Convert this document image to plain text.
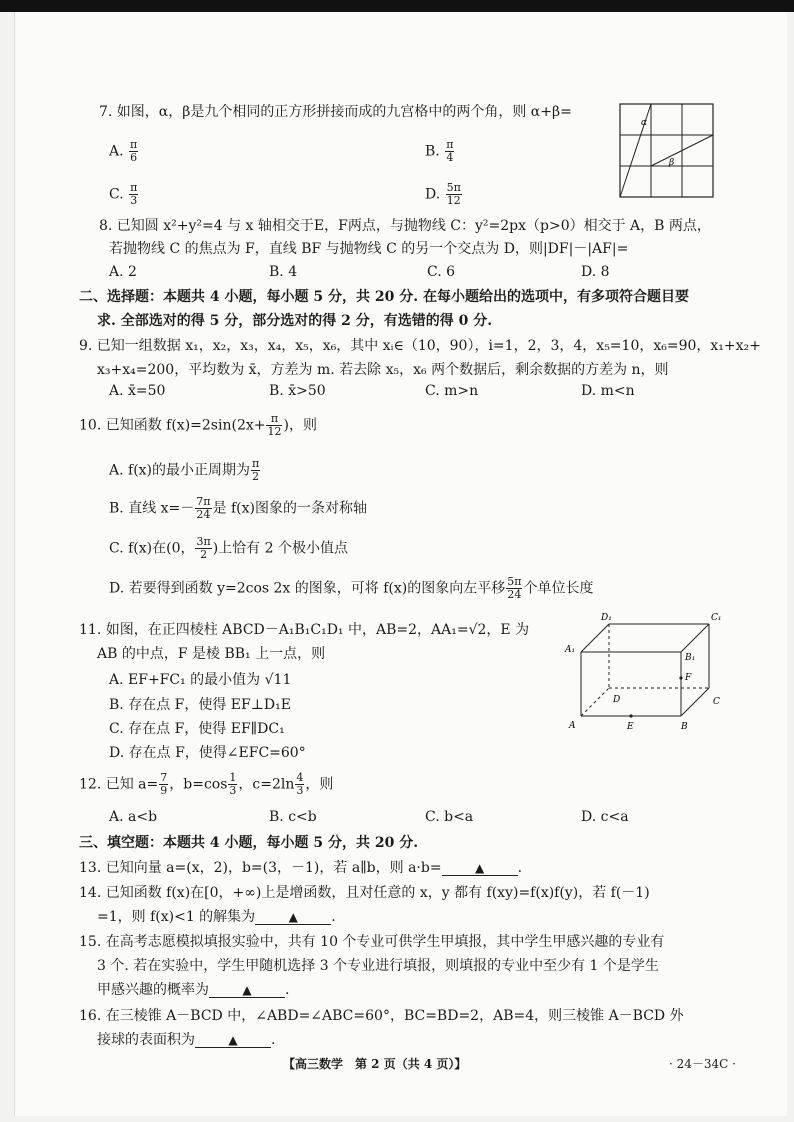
7. 如图，α，β是九个相同的正方形拼接而成的九宫格中的两个角，则 α+β=
A. $\frac{\pi}{6}$	B. $\frac{\pi}{4}$
C. $\frac{\pi}{3}$	D. $\frac{5\pi}{12}$
α
β
8. 已知圆 x²+y²=4 与 x 轴相交于E，F两点，与抛物线 C：y²=2px（p>0）相交于 A，B 两点，
若抛物线 C 的焦点为 F，直线 BF 与抛物线 C 的另一个交点为 D，则|DF|－|AF|=
A. 2	B. 4	C. 6	D. 8
二、选择题：本题共 4 小题，每小题 5 分，共 20 分. 在每小题给出的选项中，有多项符合题目要
求. 全部选对的得 5 分，部分选对的得 2 分，有选错的得 0 分.
9. 已知一组数据 x₁，x₂，x₃，x₄，x₅，x₆，其中 xᵢ∈（10，90），i=1，2，3，4，x₅=10，x₆=90，x₁+x₂+
x₃+x₄=200，平均数为 x̄，方差为 m. 若去除 x₅，x₆ 两个数据后，剩余数据的方差为 n，则
A. x̄=50	B. x̄>50	C. m>n	D. m<n
10. 已知函数 $f(x)=2\sin(2x+ \frac{\pi}{12}$ )，则
A. f(x)的最小正周期为 $\frac{\pi}{2}$
B. 直线 $x=- \frac{7\pi}{24}$ 是 f(x)图象的一条对称轴
C. f(x)在(0， $\frac{3\pi}{2}$ )上恰有 2 个极小值点
D. 若要得到函数 y=2cos 2x 的图象，可将 f(x)的图象向左平移 $\frac{5\pi}{24}$ 个单位长度
11. 如图，在正四棱柱 ABCD－A₁B₁C₁D₁ 中，AB=2，AA₁=√2，E 为
AB 的中点，F 是棱 BB₁ 上一点，则
A. EF+FC₁ 的最小值为 √11
B. 存在点 F，使得 EF⊥D₁E
C. 存在点 F，使得 EF∥DC₁
D. 存在点 F，使得∠EFC=60°
D₁	C₁
A₁
B₁
F
D	C
A	E	B
12. 已知 $a= \frac{7}{9}$ ，$b=\cos \frac{1}{3}$ ，$c=2\ln \frac{4}{3}$ ，则
A. a<b	B. c<b	C. b<a	D. c<a
三、填空题：本题共 4 小题，每小题 5 分，共 20 分.
13. 已知向量 a=(x，2)，b=(3，－1)，若 a∥b，则 a·b=	▲ .
14. 已知函数 f(x)在[0，+∞)上是增函数，且对任意的 x，y 都有 f(xy)=f(x)f(y)，若 f(－1)
=1，则 f(x)<1 的解集为	▲ .
15. 在高考志愿模拟填报实验中，共有 10 个专业可供学生甲填报，其中学生甲感兴趣的专业有
3 个. 若在实验中，学生甲随机选择 3 个专业进行填报，则填报的专业中至少有 1 个是学生
甲感兴趣的概率为	▲ .
16. 在三棱锥 A－BCD 中，∠ABD=∠ABC=60°，BC=BD=2，AB=4，则三棱锥 A－BCD 外
接球的表面积为	▲ .
【高三数学　第 2 页（共 4 页）】	· 24－34C ·
